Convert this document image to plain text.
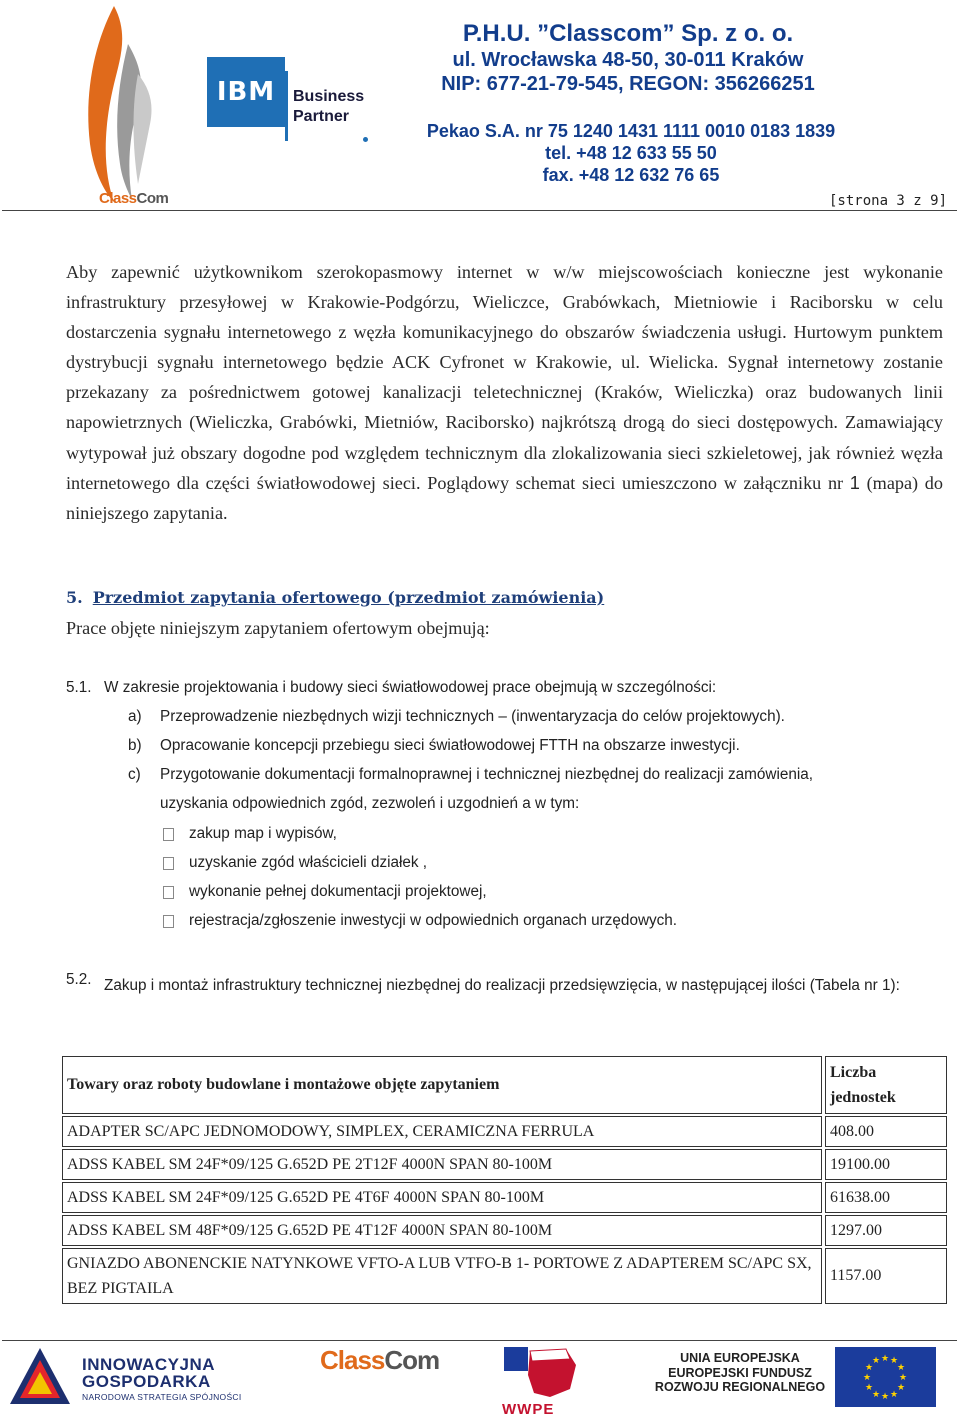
IBM	Business Partner
ClassCom
P.H.U. ”Classcom” Sp. z o. o.
ul. Wrocławska 48-50, 30-011 Kraków
NIP: 677-21-79-545, REGON: 356266251
Pekao S.A. nr 75 1240 1431 1111 0010 0183 1839
tel. +48 12 633 55 50
fax. +48 12 632 76 65
[strona 3 z 9]
Aby zapewnić użytkownikom szerokopasmowy internet w w/w miejscowościach konieczne jest wykonanie infrastruktury przesyłowej w Krakowie-Podgórzu, Wieliczce, Grabówkach, Mietniowie i Raciborsku w celu dostarczenia sygnału internetowego z węzła komunikacyjnego do obszarów świadczenia usługi. Hurtowym punktem dystrybucji sygnału internetowego będzie ACK Cyfronet w Krakowie, ul. Wielicka. Sygnał internetowy zostanie przekazany za pośrednictwem gotowej kanalizacji teletechnicznej (Kraków, Wieliczka) oraz budowanych linii napowietrznych (Wieliczka, Grabówki, Mietniów, Raciborsko) najkrótszą drogą do sieci dostępowych. Zamawiający wytypował już obszary dogodne pod względem technicznym dla zlokalizowania sieci szkieletowej, jak również węzła internetowego dla części światłowodowej sieci. Poglądowy schemat sieci umieszczono w załączniku nr 1 (mapa) do niniejszego zapytania.
5. Przedmiot zapytania ofertowego (przedmiot zamówienia)
Prace objęte niniejszym zapytaniem ofertowym obejmują:
5.1. W zakresie projektowania i budowy sieci światłowodowej prace obejmują w szczególności:
a) Przeprowadzenie niezbędnych wizji technicznych – (inwentaryzacja do celów projektowych).
b) Opracowanie koncepcji przebiegu sieci światłowodowej FTTH na obszarze inwestycji.
c) Przygotowanie dokumentacji formalnoprawnej i technicznej niezbędnej do realizacji zamówienia,
uzyskania odpowiednich zgód, zezwoleń i uzgodnień a w tym:
zakup map i wypisów,
uzyskanie zgód właścicieli działek ,
wykonanie pełnej dokumentacji projektowej,
rejestracja/zgłoszenie inwestycji w odpowiednich organach urzędowych.
5.2. Zakup i montaż infrastruktury technicznej niezbędnej do realizacji przedsięwzięcia, w następującej ilości (Tabela nr 1):
Towary oraz roboty budowlane i montażowe objęte zapytaniem		Liczba jednostek
ADAPTER SC/APC JEDNOMODOWY, SIMPLEX, CERAMICZNA FERRULA		408.00
ADSS KABEL SM 24F*09/125 G.652D PE 2T12F 4000N SPAN 80-100M		19100.00
ADSS KABEL SM 24F*09/125 G.652D PE 4T6F 4000N SPAN 80-100M		61638.00
ADSS KABEL SM 48F*09/125 G.652D PE 4T12F 4000N SPAN 80-100M		1297.00
GNIAZDO ABONENCKIE NATYNKOWE VFTO-A LUB VTFO-B 1- PORTOWE Z ADAPTEREM SC/APC SX, BEZ PIGTAILA		1157.00
INNOWACYJNA
GOSPODARKA
NARODOWA STRATEGIA SPÓJNOŚCI
ClassCom
WWPE
UNIA EUROPEJSKA
EUROPEJSKI FUNDUSZ
ROZWOJU REGIONALNEGO
★ ★
★
★
★
★
★
★
★
★
★
★
